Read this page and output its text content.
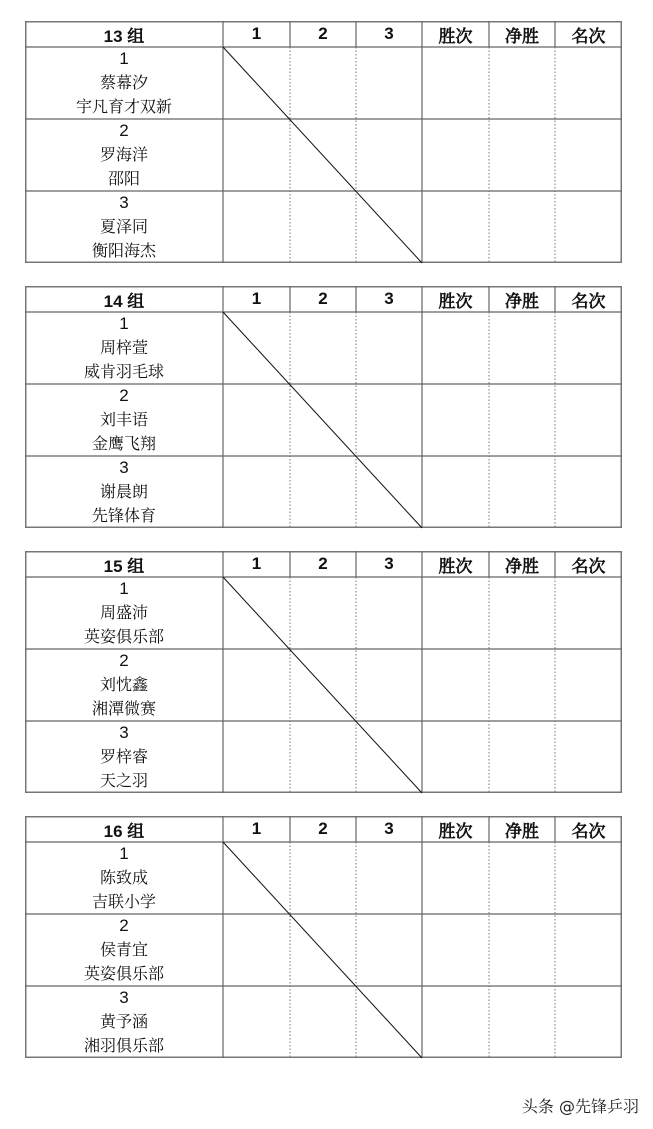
13 组	1	2	3	胜次	净胜	名次
1
蔡幕汐
宇凡育才双新
2
罗海洋
邵阳
3
夏泽同
衡阳海杰
14 组	1	2	3	胜次	净胜	名次
1
周梓萱
威肯羽毛球
2
刘丰语
金鹰飞翔
3
谢晨朗
先锋体育
15 组	1	2	3	胜次	净胜	名次
1
周盛沛
英姿俱乐部
2
刘忱鑫
湘潭微赛
3
罗梓睿
天之羽
16 组	1	2	3	胜次	净胜	名次
1
陈致成
吉联小学
2
侯青宜
英姿俱乐部
3
黄予涵
湘羽俱乐部
头条 @先锋乒羽
